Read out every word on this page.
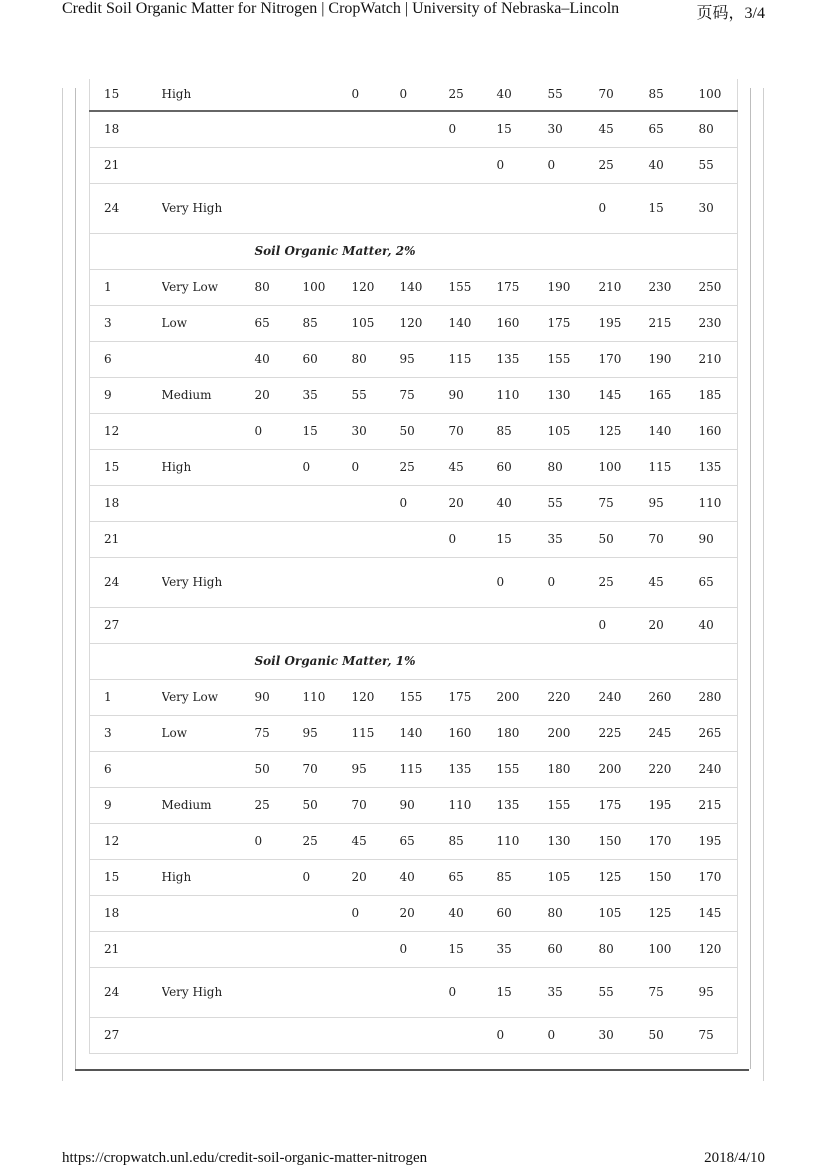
Credit Soil Organic Matter for Nitrogen | CropWatch | University of Nebraska–Lincoln	页码，3/4
15	High			0	0	25	40	55	70	85	100
18						0	15	30	45	65	80
21							0	0	25	40	55
24	Very High								0	15	30
		Soil Organic Matter, 2%									
1	Very Low	80	100	120	140	155	175	190	210	230	250
3	Low	65	85	105	120	140	160	175	195	215	230
6		40	60	80	95	115	135	155	170	190	210
9	Medium	20	35	55	75	90	110	130	145	165	185
12		0	15	30	50	70	85	105	125	140	160
15	High		0	0	25	45	60	80	100	115	135
18					0	20	40	55	75	95	110
21						0	15	35	50	70	90
24	Very High						0	0	25	45	65
27									0	20	40
		Soil Organic Matter, 1%									
1	Very Low	90	110	120	155	175	200	220	240	260	280
3	Low	75	95	115	140	160	180	200	225	245	265
6		50	70	95	115	135	155	180	200	220	240
9	Medium	25	50	70	90	110	135	155	175	195	215
12		0	25	45	65	85	110	130	150	170	195
15	High		0	20	40	65	85	105	125	150	170
18				0	20	40	60	80	105	125	145
21					0	15	35	60	80	100	120
24	Very High					0	15	35	55	75	95
27							0	0	30	50	75
https://cropwatch.unl.edu/credit-soil-organic-matter-nitrogen	2018/4/10
